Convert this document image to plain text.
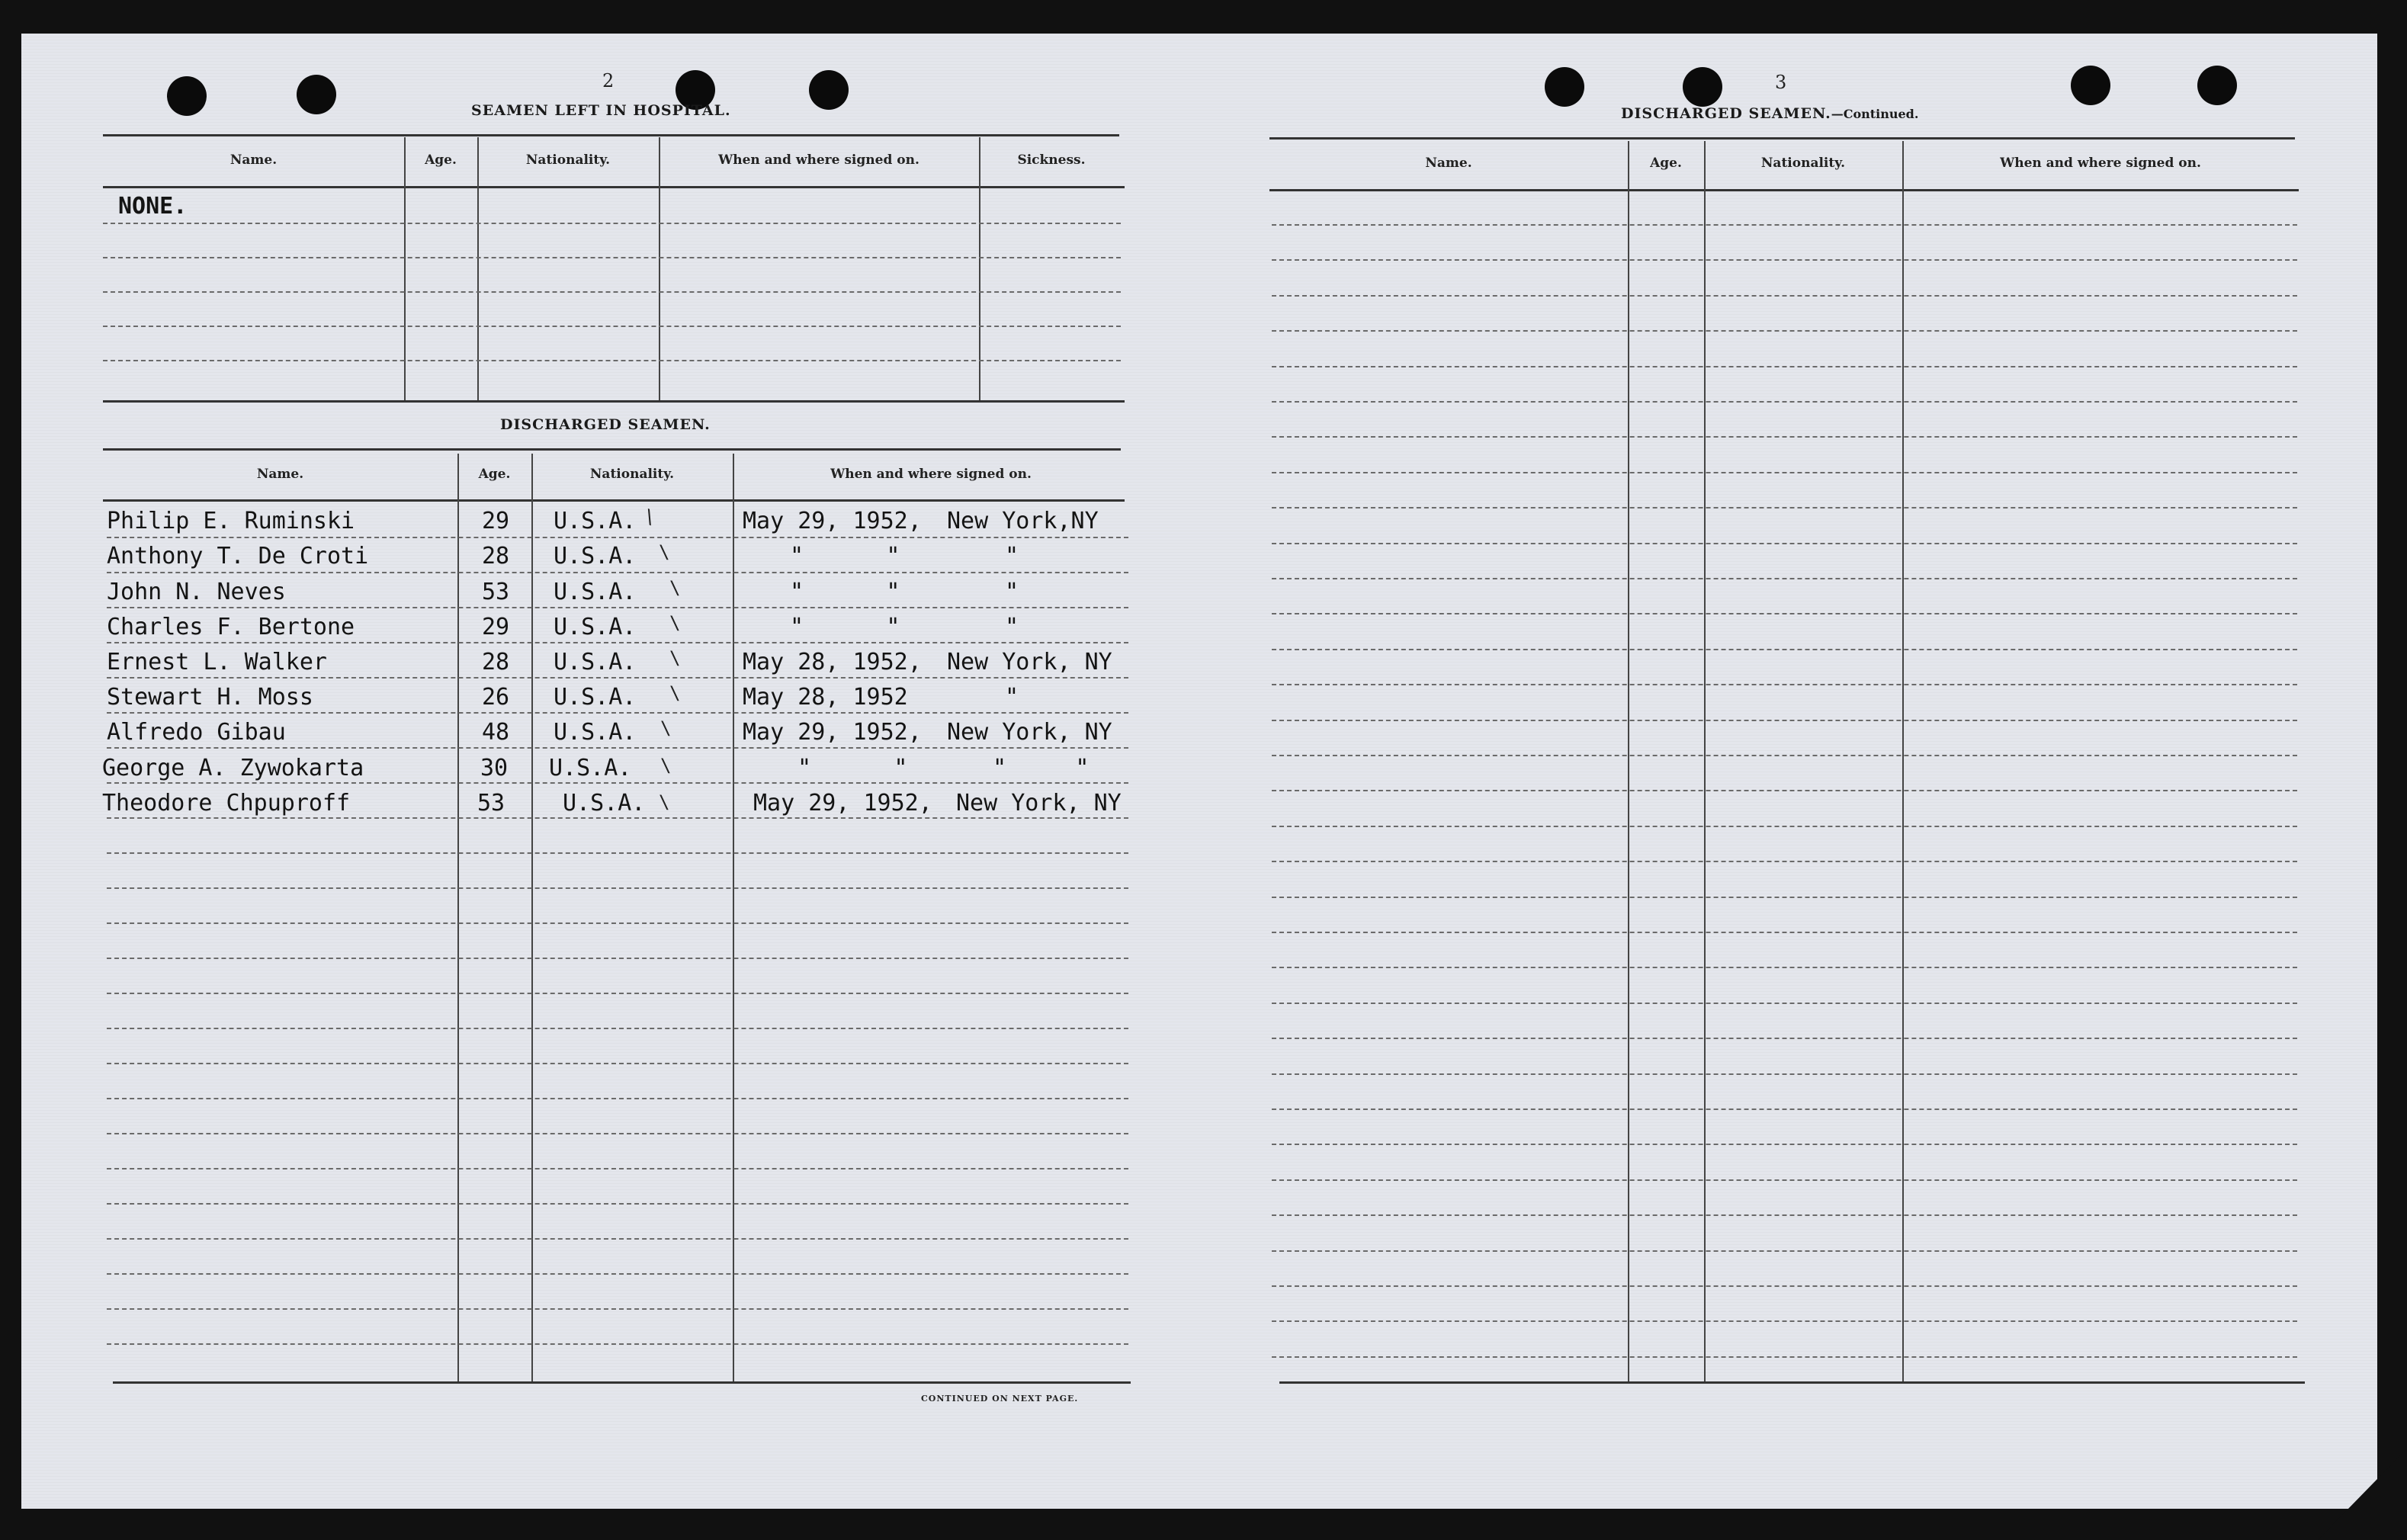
2
SEAMEN LEFT IN HOSPITAL.
Name.	Age.	Nationality.	When and where signed on.	Sickness.
NONE.
DISCHARGED SEAMEN.
Name.	Age.	Nationality.	When and where signed on.
Philip E. Ruminski	29 U.S.A. \	May 29, 1952, New York,NY
Anthony T. De Croti	28 U.S.A. \	"      "	"
John N. Neves	53 U.S.A. \	"      "	"
Charles F. Bertone	29 U.S.A. \	"      "	"
Ernest L. Walker	28 U.S.A. \	May 28, 1952, New York, NY
Stewart H. Moss	26 U.S.A. \	May 28, 1952	"
Alfredo Gibau	48 U.S.A. \	May 29, 1952, New York, NY
George A. Zywokarta	30 U.S.A. \	"      "	"     "
Theodore Chpuproff	53	U.S.A. \	May 29, 1952, New York, NY
CONTINUED ON NEXT PAGE.
3
DISCHARGED SEAMEN.—Continued.
Name.	Age.	Nationality.	When and where signed on.
